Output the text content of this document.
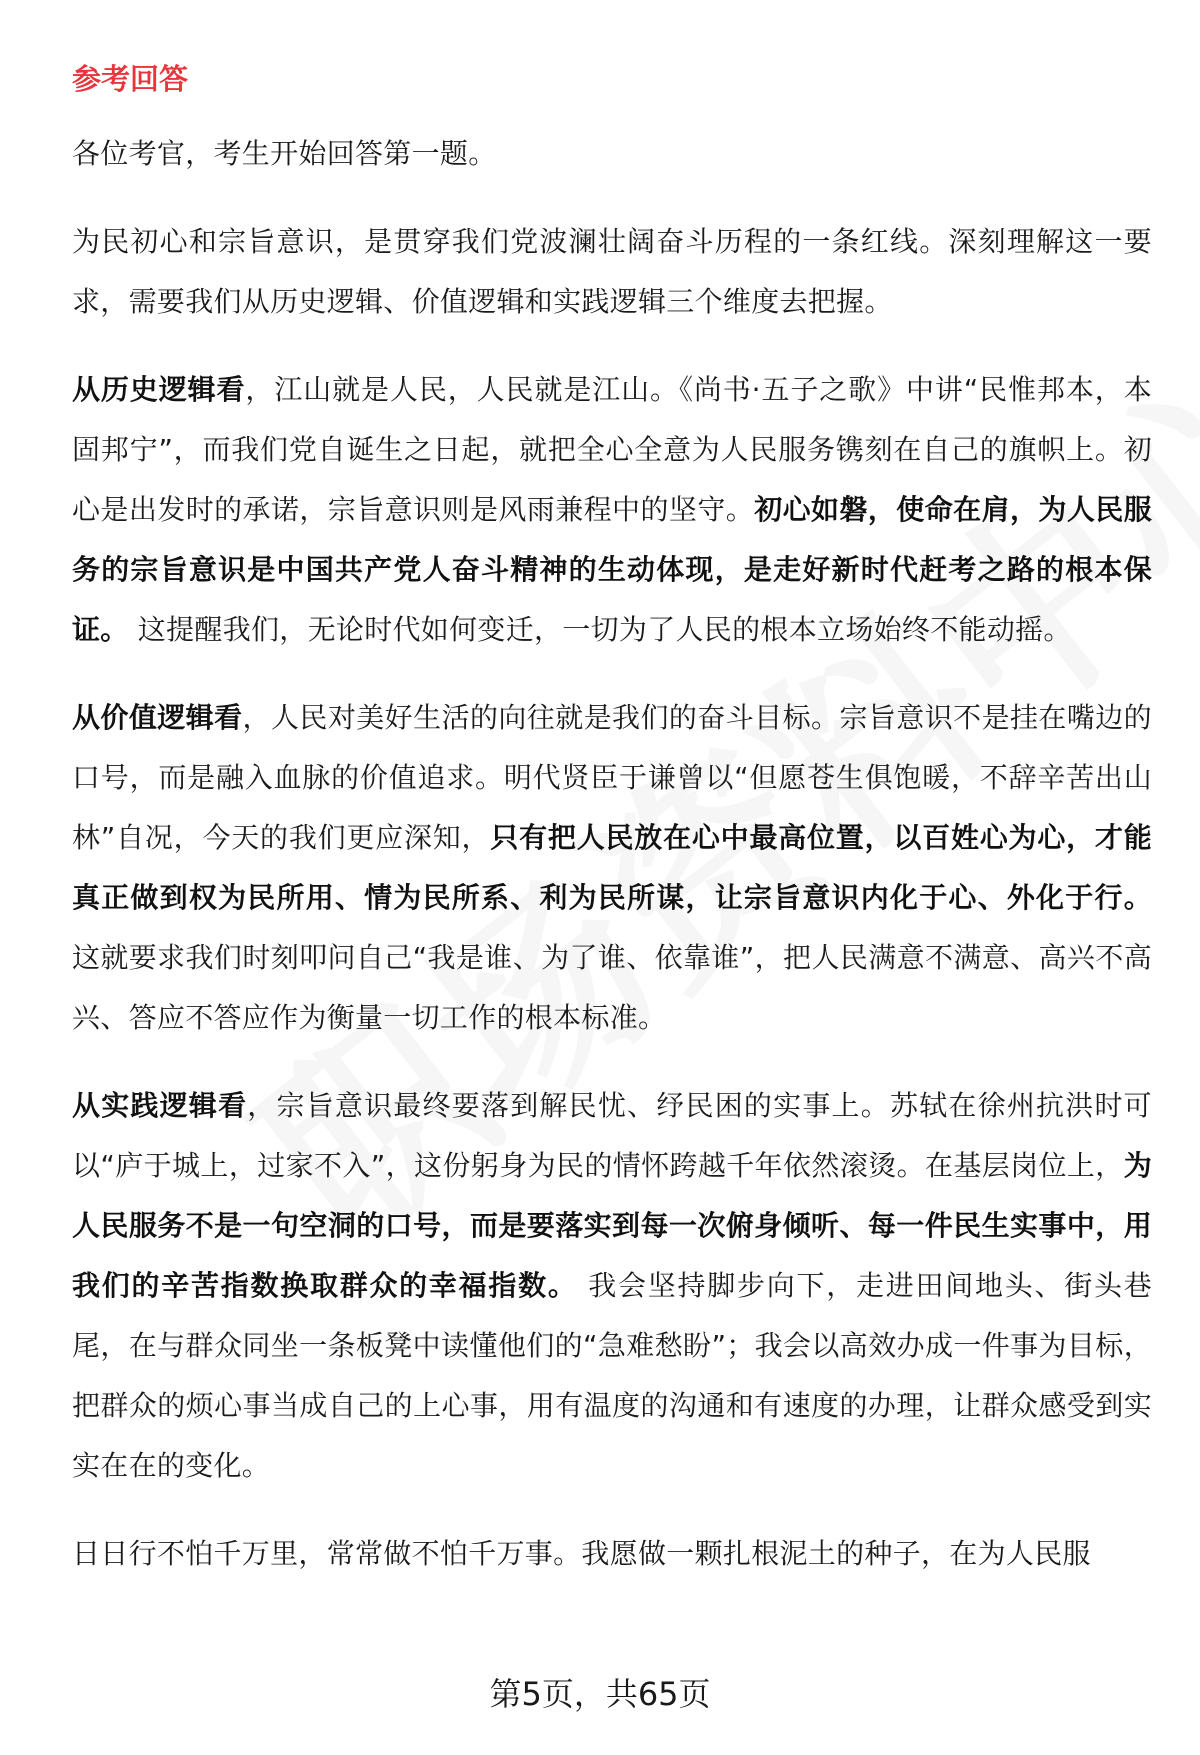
参考回答

各位考官，考生开始回答第一题。

为民初心和宗旨意识，是贯穿我们党波澜壮阔奋斗历程的一条红线。深刻理解这一要求，需要我们从历史逻辑、价值逻辑和实践逻辑三个维度去把握。

从历史逻辑看，江山就是人民，人民就是江山。《尚书·五子之歌》中讲“民惟邦本，本固邦宁”，而我们党自诞生之日起，就把全心全意为人民服务镌刻在自己的旗帜上。初心是出发时的承诺，宗旨意识则是风雨兼程中的坚守。初心如磐，使命在肩，为人民服务的宗旨意识是中国共产党人奋斗精神的生动体现，是走好新时代赶考之路的根本保证。 这提醒我们，无论时代如何变迁，一切为了人民的根本立场始终不能动摇。

从价值逻辑看，人民对美好生活的向往就是我们的奋斗目标。宗旨意识不是挂在嘴边的口号，而是融入血脉的价值追求。明代贤臣于谦曾以“但愿苍生俱饱暖，不辞辛苦出山林”自况，今天的我们更应深知，只有把人民放在心中最高位置，以百姓心为心，才能真正做到权为民所用、情为民所系、利为民所谋，让宗旨意识内化于心、外化于行。 这就要求我们时刻叩问自己“我是谁、为了谁、依靠谁”，把人民满意不满意、高兴不高兴、答应不答应作为衡量一切工作的根本标准。

从实践逻辑看，宗旨意识最终要落到解民忧、纾民困的实事上。苏轼在徐州抗洪时可以“庐于城上，过家不入”，这份躬身为民的情怀跨越千年依然滚烫。在基层岗位上，为人民服务不是一句空洞的口号，而是要落实到每一次俯身倾听、每一件民生实事中，用我们的辛苦指数换取群众的幸福指数。 我会坚持脚步向下，走进田间地头、街头巷尾，在与群众同坐一条板凳中读懂他们的“急难愁盼”；我会以高效办成一件事为目标，把群众的烦心事当成自己的上心事，用有温度的沟通和有速度的办理，让群众感受到实实在在的变化。

日日行不怕千万里，常常做不怕千万事。我愿做一颗扎根泥土的种子，在为人民服

第5页，共65页
